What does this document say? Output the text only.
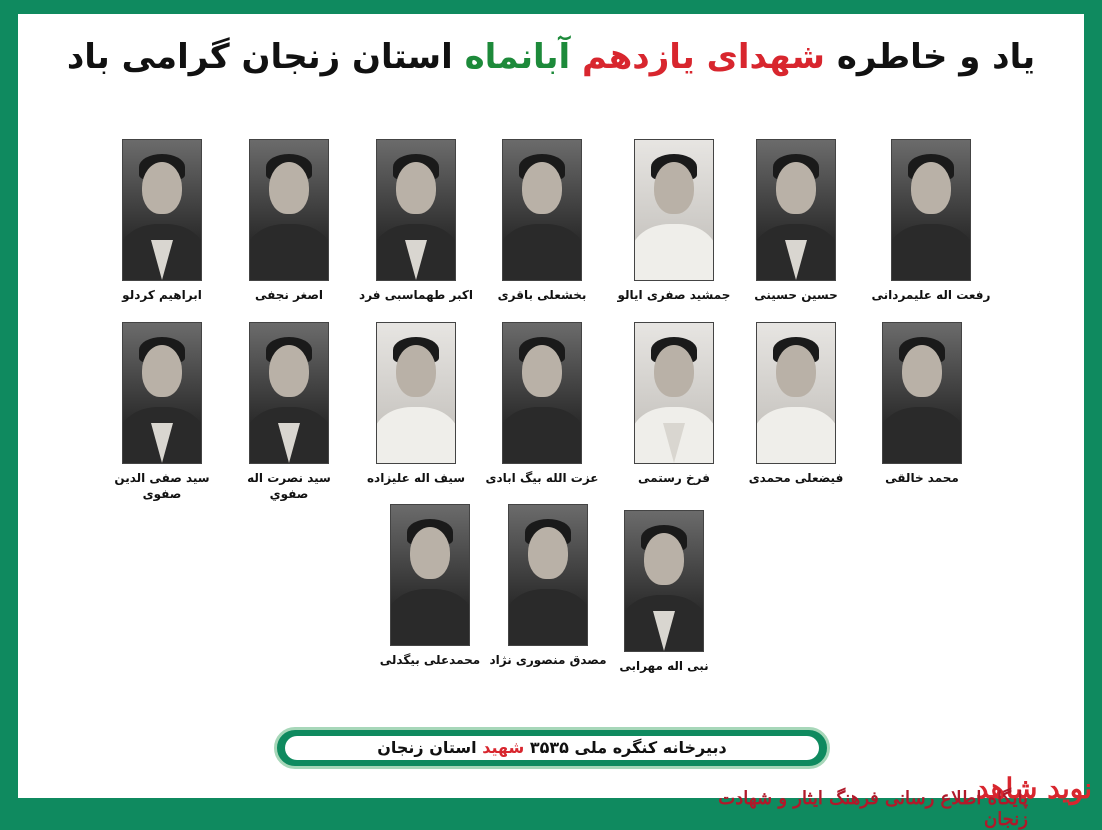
یاد و خاطره شهدای یازدهم آبانماه استان زنجان گرامی باد
رفعت اله علیمردانی
حسین حسینی
جمشید صفری ایالو
بخشعلی باقری
اکبر طهماسبی فرد
اصغر نجفی
ابراهیم کردلو
محمد خالقی
فیضعلی محمدی
فرخ رستمی
عزت الله بیگ ابادی
سیف اله علیزاده
سید نصرت اله صفوي
سید صفی الدین صفوی
نبی اله مهرابی
مصدق منصوری نژاد
محمدعلی بیگدلی
دبیرخانه کنگره ملی ۳۵۳۵ شهید استان زنجان
نوید شاهد
پایگاه اطلاع رسانی فرهنگ ایثار و شهادت زنجان
